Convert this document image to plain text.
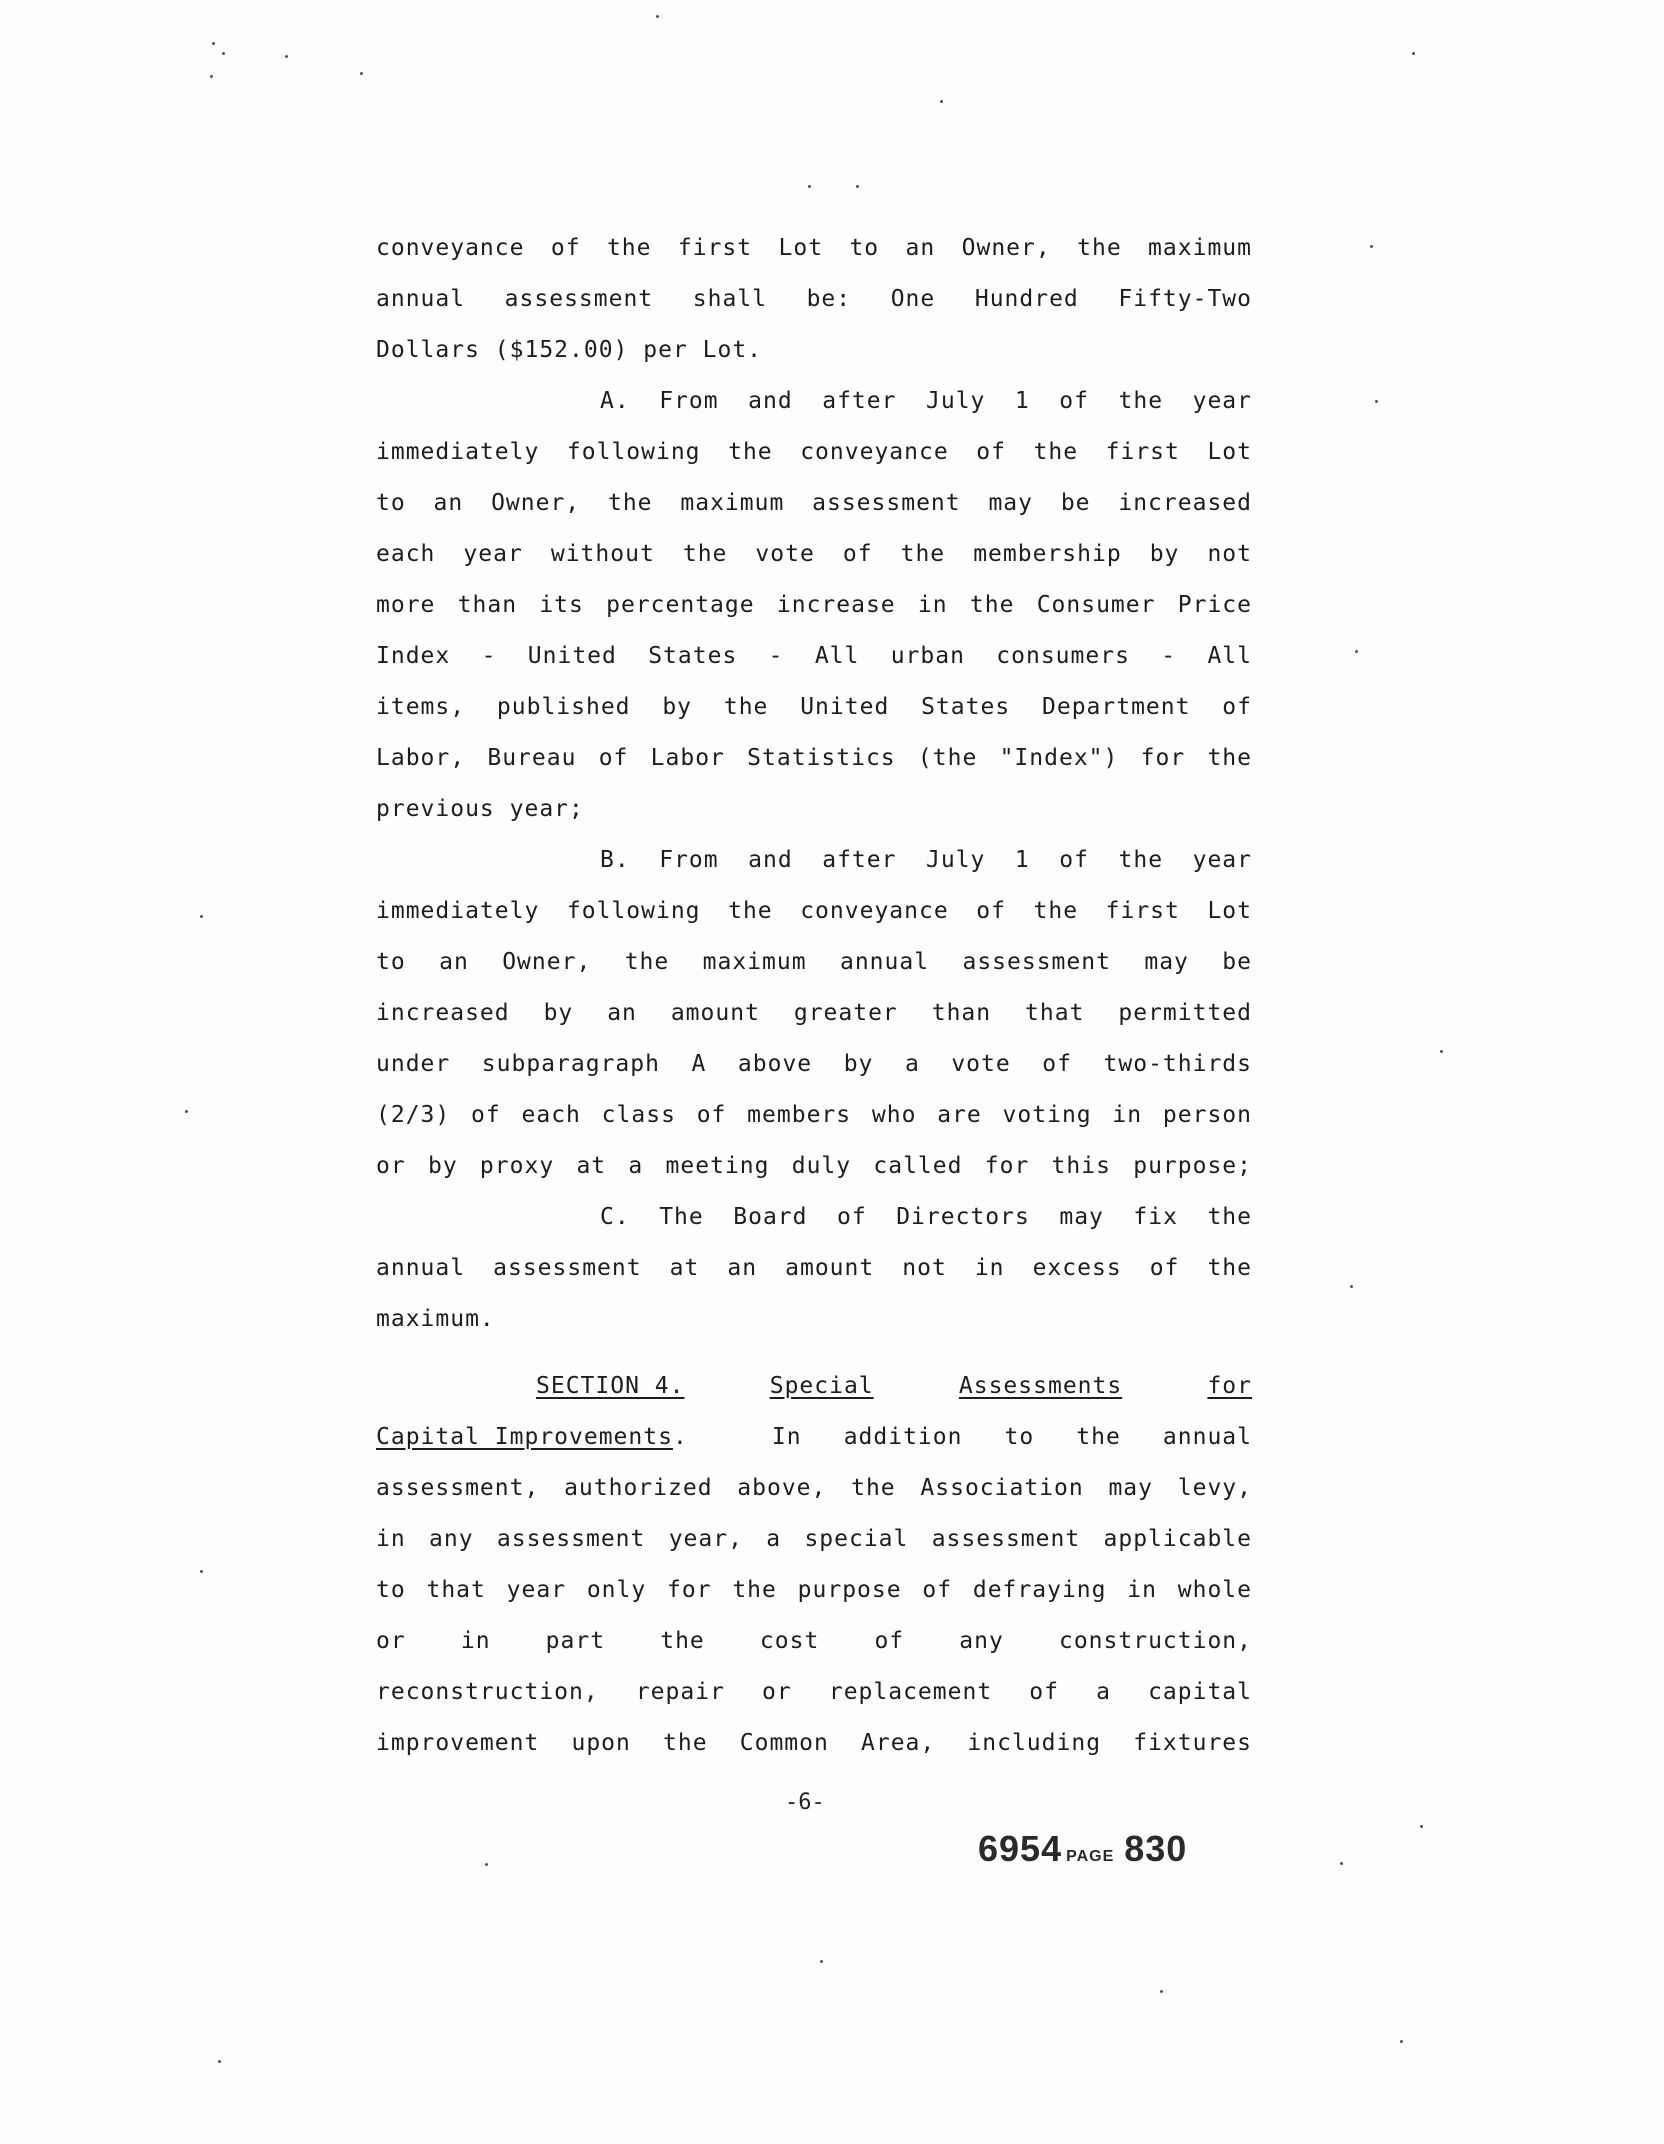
conveyance of the first Lot to an Owner, the maximum
annual assessment shall be: One Hundred Fifty-Two
Dollars ($152.00) per Lot.
A. From and after July 1 of the year
immediately following the conveyance of the first Lot
to an Owner, the maximum assessment may be increased
each year without the vote of the membership by not
more than its percentage increase in the Consumer Price
Index - United States - All urban consumers - All
items, published by the United States Department of
Labor, Bureau of Labor Statistics (the "Index") for the
previous year;
B. From and after July 1 of the year
immediately following the conveyance of the first Lot
to an Owner, the maximum annual assessment may be
increased by an amount greater than that permitted
under subparagraph A above by a vote of two-thirds
(2/3) of each class of members who are voting in person
or by proxy at a meeting duly called for this purpose;
C. The Board of Directors may fix the
annual assessment at an amount not in excess of the
maximum.
SECTION 4.	Special	Assessments	for
Capital Improvements .  In addition to the annual
assessment, authorized above, the Association may levy,
in any assessment year, a special assessment applicable
to that year only for the purpose of defraying in whole
or in part the cost of any construction,
reconstruction, repair or replacement of a capital
improvement upon the Common Area, including fixtures
-6-
6954 PAGE 830
